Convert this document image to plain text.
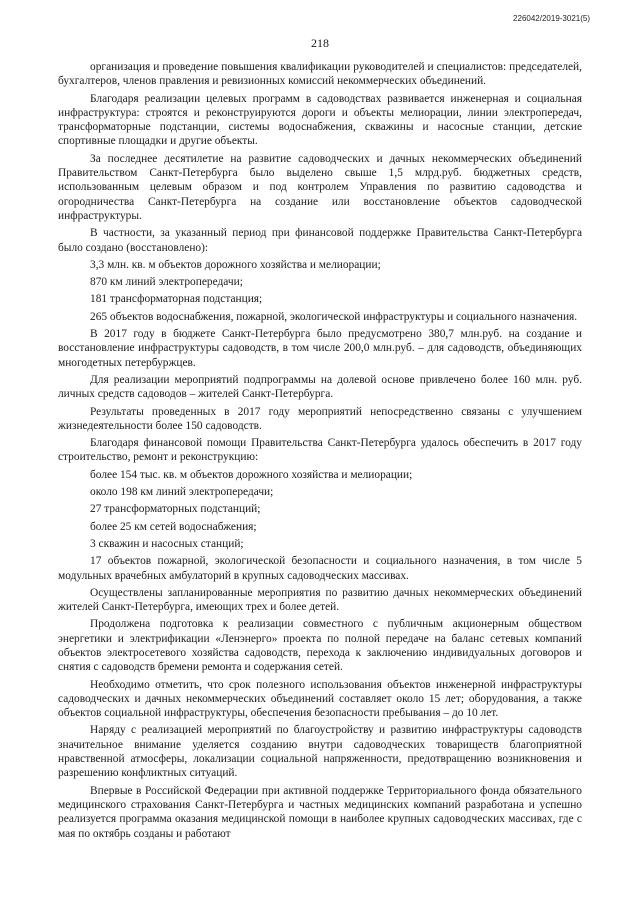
226042/2019-3021(5)
218

организация и проведение повышения квалификации руководителей и специалистов: председателей, бухгалтеров, членов правления и ревизионных комиссий некоммерческих объединений.

Благодаря реализации целевых программ в садоводствах развивается инженерная и социальная инфраструктура: строятся и реконструируются дороги и объекты мелиорации, линии электропередач, трансформаторные подстанции, системы водоснабжения, скважины и насосные станции, детские спортивные площадки и другие объекты.

За последнее десятилетие на развитие садоводческих и дачных некоммерческих объединений Правительством Санкт-Петербурга было выделено свыше 1,5 млрд.руб. бюджетных средств, использованным целевым образом и под контролем Управления по развитию садоводства и огородничества Санкт-Петербурга на создание или восстановление объектов садоводческой инфраструктуры.

В частности, за указанный период при финансовой поддержке Правительства Санкт-Петербурга было создано (восстановлено):

3,3 млн. кв. м объектов дорожного хозяйства и мелиорации;

870 км линий электропередачи;

181 трансформаторная подстанция;

265 объектов водоснабжения, пожарной, экологической инфраструктуры и социального назначения.

В 2017 году в бюджете Санкт-Петербурга было предусмотрено 380,7 млн.руб. на создание и восстановление инфраструктуры садоводств, в том числе 200,0 млн.руб. – для садоводств, объединяющих многодетных петербуржцев.

Для реализации мероприятий подпрограммы на долевой основе привлечено более 160 млн. руб. личных средств садоводов – жителей Санкт-Петербурга.

Результаты проведенных в 2017 году мероприятий непосредственно связаны с улучшением жизнедеятельности более 150 садоводств.

Благодаря финансовой помощи Правительства Санкт-Петербурга удалось обеспечить в 2017 году строительство, ремонт и реконструкцию:

более 154 тыс. кв. м объектов дорожного хозяйства и мелиорации;

около 198 км линий электропередачи;

27 трансформаторных подстанций;

более 25 км сетей водоснабжения;

3 скважин и насосных станций;

17 объектов пожарной, экологической безопасности и социального назначения, в том числе 5 модульных врачебных амбулаторий в крупных садоводческих массивах.

Осуществлены запланированные мероприятия по развитию дачных некоммерческих объединений жителей Санкт-Петербурга, имеющих трех и более детей.

Продолжена подготовка к реализации совместного с публичным акционерным обществом энергетики и электрификации «Ленэнерго» проекта по полной передаче на баланс сетевых компаний объектов электросетевого хозяйства садоводств, перехода к заключению индивидуальных договоров и снятия с садоводств бремени ремонта и содержания сетей.

Необходимо отметить, что срок полезного использования объектов инженерной инфраструктуры садоводческих и дачных некоммерческих объединений составляет около 15 лет; оборудования, а также объектов социальной инфраструктуры, обеспечения безопасности пребывания – до 10 лет.

Наряду с реализацией мероприятий по благоустройству и развитию инфраструктуры садоводств значительное внимание уделяется созданию внутри садоводческих товариществ благоприятной нравственной атмосферы, локализации социальной напряженности, предотвращению возникновения и разрешению конфликтных ситуаций.

Впервые в Российской Федерации при активной поддержке Территориального фонда обязательного медицинского страхования Санкт-Петербурга и частных медицинских компаний разработана и успешно реализуется программа оказания медицинской помощи в наиболее крупных садоводческих массивах, где с мая по октябрь созданы и работают
